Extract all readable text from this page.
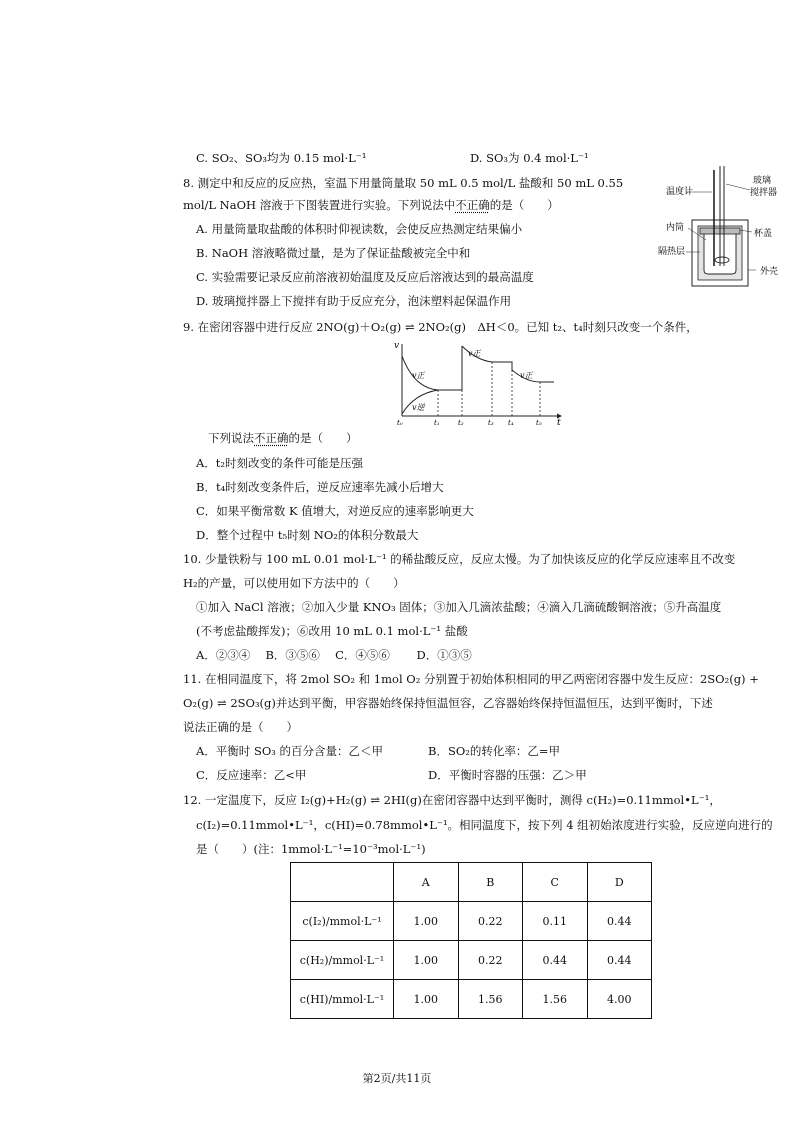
C. SO₂、SO₃均为 0.15 mol·L⁻¹	D. SO₃为 0.4 mol·L⁻¹
8. 测定中和反应的反应热，室温下用量筒量取 50 mL 0.5 mol/L 盐酸和 50 mL 0.55
mol/L NaOH 溶液于下图装置进行实验。下列说法中不正确的是（　　）
A. 用量筒量取盐酸的体积时仰视读数，会使反应热测定结果偏小
B. NaOH 溶液略微过量，是为了保证盐酸被完全中和
C. 实验需要记录反应前溶液初始温度及反应后溶液达到的最高温度
D. 玻璃搅拌器上下搅拌有助于反应充分，泡沫塑料起保温作用
温度计
玻璃
搅拌器
内筒
杯盖
隔热层
外壳
9. 在密闭容器中进行反应 2NO(g)＋O₂(g) ⇌ 2NO₂(g)　ΔH＜0。已知 t₂、t₄时刻只改变一个条件，
v
t
v正
v正
v正
v逆
t₀	t₁	t₂	t₃ t₄	t₅
下列说法不正确的是（　　）
A．t₂时刻改变的条件可能是压强
B．t₄时刻改变条件后，逆反应速率先减小后增大
C．如果平衡常数 K 值增大，对逆反应的速率影响更大
D．整个过程中 t₅时刻 NO₂的体积分数最大
10. 少量铁粉与 100 mL 0.01 mol·L⁻¹ 的稀盐酸反应，反应太慢。为了加快该反应的化学反应速率且不改变
H₂的产量，可以使用如下方法中的（　　）
①加入 NaCl 溶液；②加入少量 KNO₃ 固体；③加入几滴浓盐酸；④滴入几滴硫酸铜溶液；⑤升高温度
(不考虑盐酸挥发)；⑥改用 10 mL 0.1 mol·L⁻¹ 盐酸
A．②③④　 B．③⑤⑥　 C．④⑤⑥　　 D．①③⑤
11. 在相同温度下，将 2mol SO₂ 和 1mol O₂ 分别置于初始体积相同的甲乙两密闭容器中发生反应：2SO₂(g) +
O₂(g) ⇌ 2SO₃(g)并达到平衡，甲容器始终保持恒温恒容，乙容器始终保持恒温恒压，达到平衡时，下述
说法正确的是（　　）
A．平衡时 SO₃ 的百分含量：乙＜甲	B．SO₂的转化率：乙=甲
C．反应速率：乙<甲	D．平衡时容器的压强：乙＞甲
12. 一定温度下，反应 I₂(g)+H₂(g) ⇌ 2HI(g)在密闭容器中达到平衡时，测得 c(H₂)=0.11mmol•L⁻¹，
c(I₂)=0.11mmol•L⁻¹，c(HI)=0.78mmol•L⁻¹。相同温度下，按下列 4 组初始浓度进行实验，反应逆向进行的
是（　　）(注：1mmol·L⁻¹=10⁻³mol·L⁻¹)
	A	B	C	D
c(I₂)/mmol·L⁻¹	1.00	0.22	0.11	0.44
c(H₂)/mmol·L⁻¹	1.00	0.22	0.44	0.44
c(HI)/mmol·L⁻¹	1.00	1.56	1.56	4.00
第2页/共11页
